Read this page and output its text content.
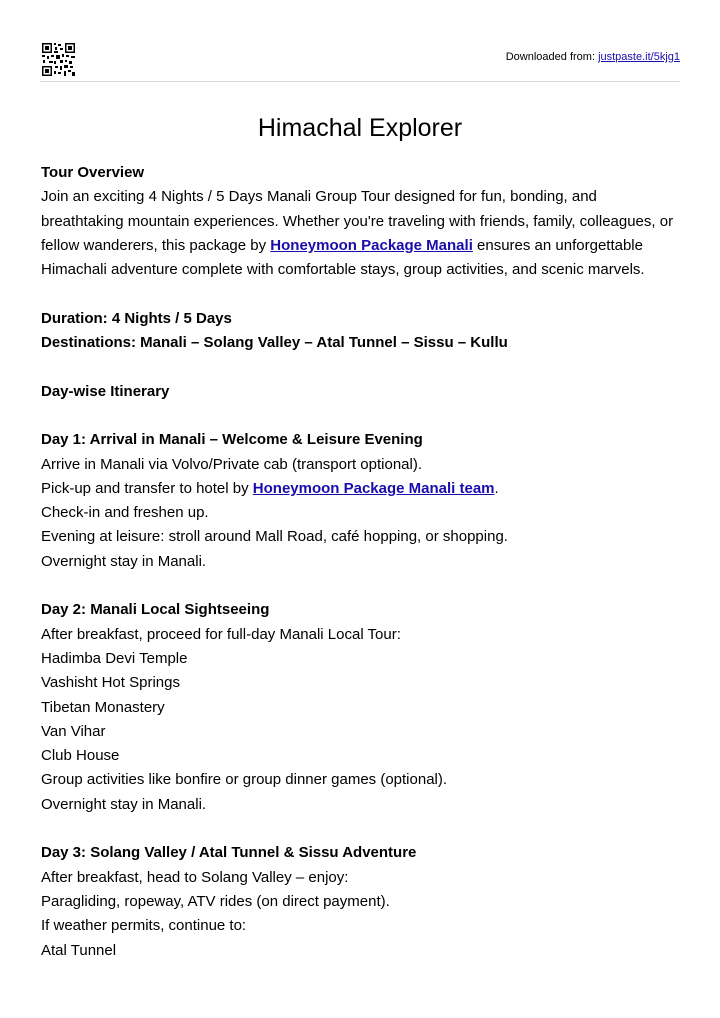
Downloaded from: justpaste.it/5kjg1
Himachal Explorer

Tour Overview

Join an exciting 4 Nights / 5 Days Manali Group Tour designed for fun, bonding, and breathtaking mountain experiences. Whether you're traveling with friends, family, colleagues, or fellow wanderers, this package by Honeymoon Package Manali ensures an unforgettable Himachali adventure complete with comfortable stays, group activities, and scenic marvels.

Duration: 4 Nights / 5 Days

Destinations: Manali – Solang Valley – Atal Tunnel – Sissu – Kullu

Day-wise Itinerary

Day 1: Arrival in Manali – Welcome & Leisure Evening

Arrive in Manali via Volvo/Private cab (transport optional).

Pick-up and transfer to hotel by Honeymoon Package Manali team.

Check-in and freshen up.

Evening at leisure: stroll around Mall Road, café hopping, or shopping.

Overnight stay in Manali.

Day 2: Manali Local Sightseeing

After breakfast, proceed for full-day Manali Local Tour:

Hadimba Devi Temple

Vashisht Hot Springs

Tibetan Monastery

Van Vihar

Club House

Group activities like bonfire or group dinner games (optional).

Overnight stay in Manali.

Day 3: Solang Valley / Atal Tunnel & Sissu Adventure

After breakfast, head to Solang Valley – enjoy:

Paragliding, ropeway, ATV rides (on direct payment).

If weather permits, continue to:

Atal Tunnel
